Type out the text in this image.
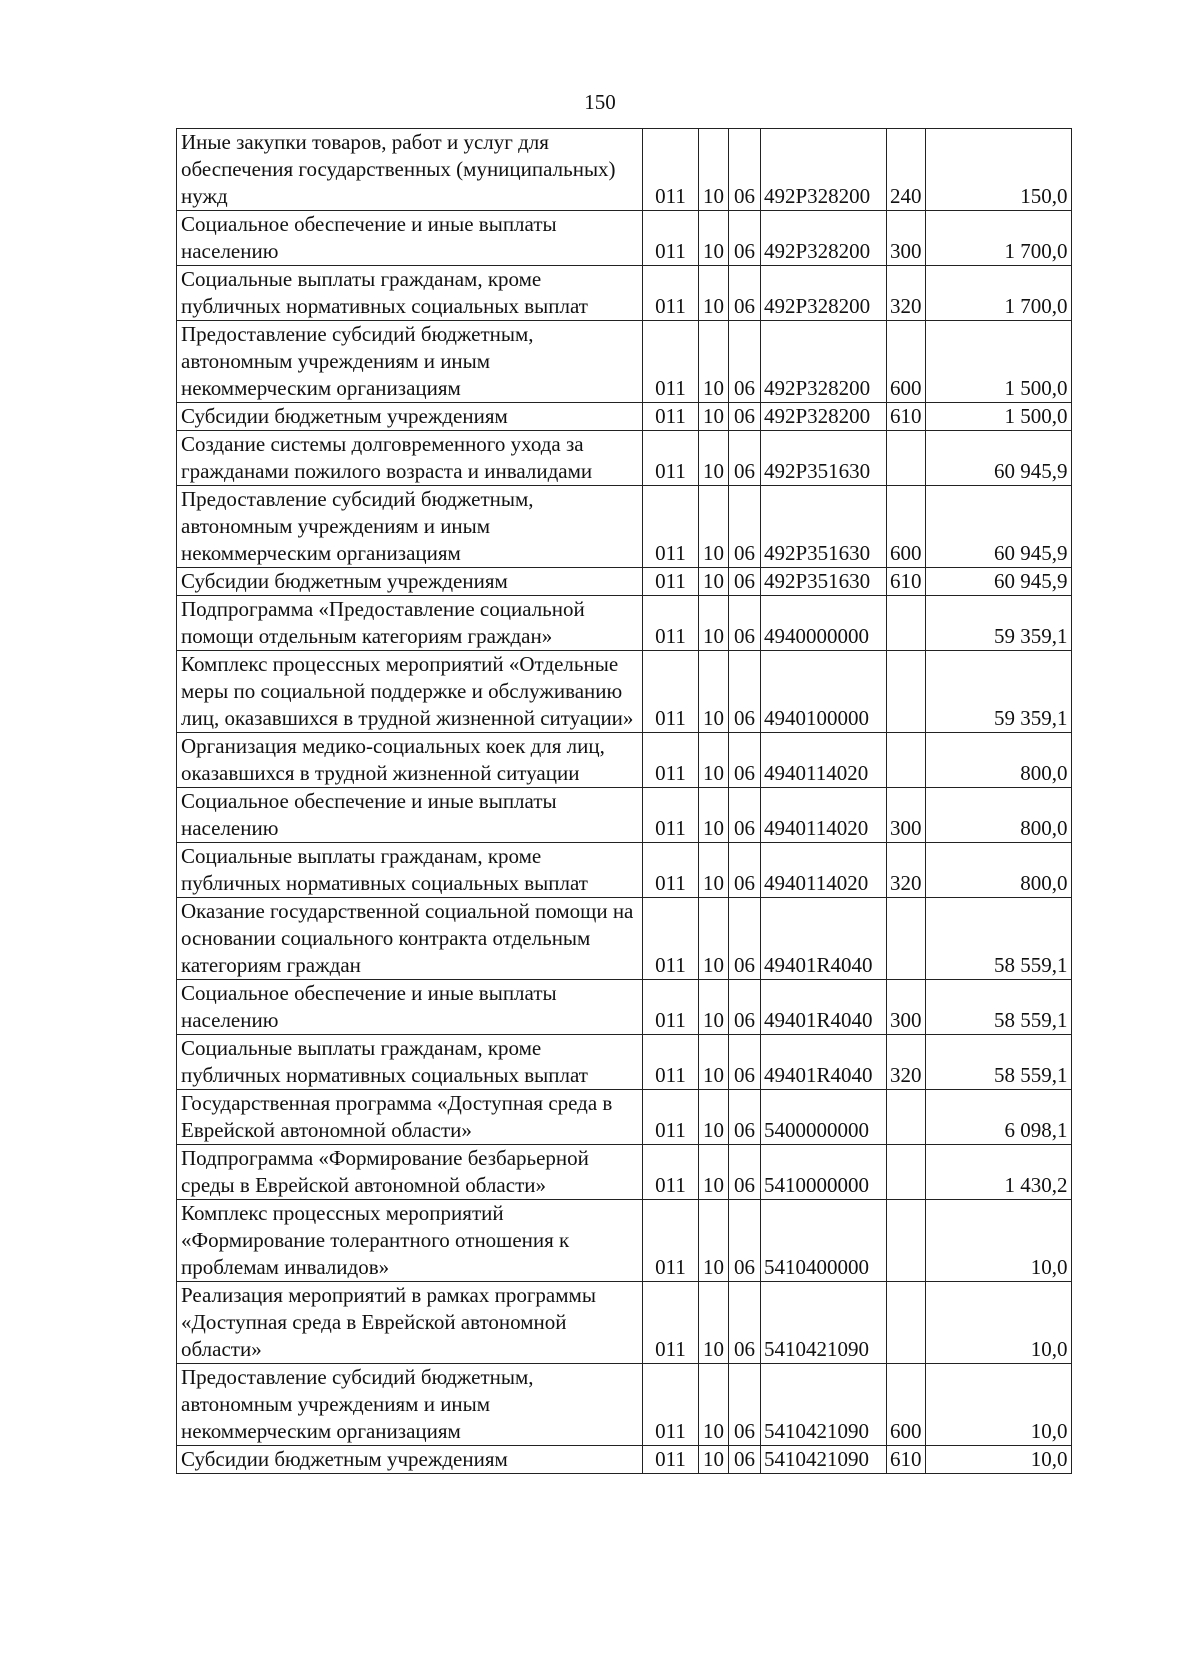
150
Иные закупки товаров, работ и услуг для обеспечения государственных (муниципальных) нужд	011	10	06	492P328200	240	150,0
Социальное обеспечение и иные выплаты населению	011	10	06	492P328200	300	1 700,0
Социальные выплаты гражданам, кроме публичных нормативных социальных выплат	011	10	06	492P328200	320	1 700,0
Предоставление субсидий бюджетным, автономным учреждениям и иным некоммерческим организациям	011	10	06	492P328200	600	1 500,0
Субсидии бюджетным учреждениям	011	10	06	492P328200	610	1 500,0
Создание системы долговременного ухода за гражданами пожилого возраста и инвалидами	011	10	06	492P351630		60 945,9
Предоставление субсидий бюджетным, автономным учреждениям и иным некоммерческим организациям	011	10	06	492P351630	600	60 945,9
Субсидии бюджетным учреждениям	011	10	06	492P351630	610	60 945,9
Подпрограмма «Предоставление социальной помощи отдельным категориям граждан»	011	10	06	4940000000		59 359,1
Комплекс процессных мероприятий «Отдельные меры по социальной поддержке и обслуживанию лиц, оказавшихся в трудной жизненной ситуации»	011	10	06	4940100000		59 359,1
Организация медико-социальных коек для лиц, оказавшихся в трудной жизненной ситуации	011	10	06	4940114020		800,0
Социальное обеспечение и иные выплаты населению	011	10	06	4940114020	300	800,0
Социальные выплаты гражданам, кроме публичных нормативных социальных выплат	011	10	06	4940114020	320	800,0
Оказание государственной социальной помощи на основании социального контракта отдельным категориям граждан	011	10	06	49401R4040		58 559,1
Социальное обеспечение и иные выплаты населению	011	10	06	49401R4040	300	58 559,1
Социальные выплаты гражданам, кроме публичных нормативных социальных выплат	011	10	06	49401R4040	320	58 559,1
Государственная программа «Доступная среда в Еврейской автономной области»	011	10	06	5400000000		6 098,1
Подпрограмма «Формирование безбарьерной среды в Еврейской автономной области»	011	10	06	5410000000		1 430,2
Комплекс процессных мероприятий «Формирование толерантного отношения к проблемам инвалидов»	011	10	06	5410400000		10,0
Реализация мероприятий в рамках программы «Доступная среда в Еврейской автономной области»	011	10	06	5410421090		10,0
Предоставление субсидий бюджетным, автономным учреждениям и иным некоммерческим организациям	011	10	06	5410421090	600	10,0
Субсидии бюджетным учреждениям	011	10	06	5410421090	610	10,0
